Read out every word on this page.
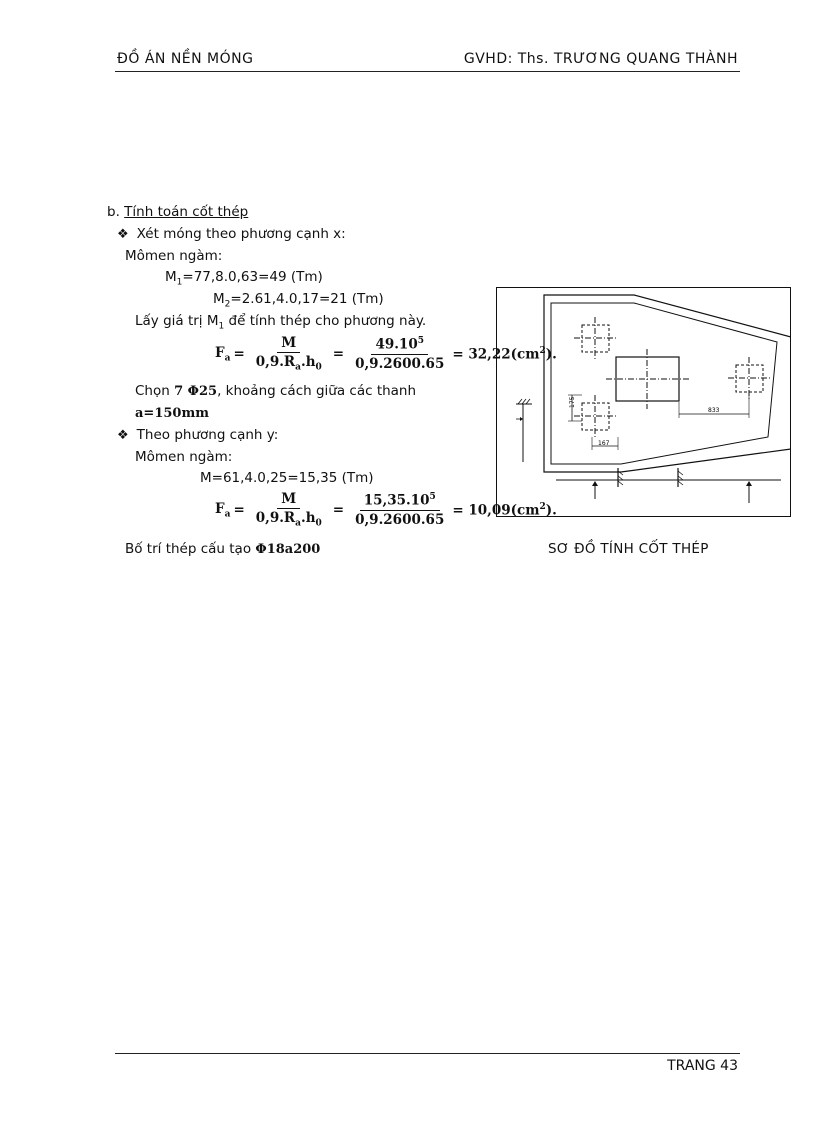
ĐỒ ÁN NỀN MÓNG	GVHD: Ths. TRƯƠNG QUANG THÀNH
b. Tính toán cốt thép
❖ Xét móng theo phương cạnh x:
Mômen ngàm:
$M_1=77,8.0,63=49$ (Tm)
$M_2=2.61,4.0,17=21$ (Tm)
Lấy giá trị $M_1$ để tính thép cho phương này.
$F_a = \frac{M}{0,9.R_a.h_0} = \frac{49.10^5}{0,9.2600.65} = 32,22(cm^2)$.
Chọn 7 Φ25, khoảng cách giữa các thanh
a=150mm
❖ Theo phương cạnh y:
Mômen ngàm:
M=61,4.0,25=15,35 (Tm)
$F_a = \frac{M}{0,9.R_a.h_0} = \frac{15,35.10^5}{0,9.2600.65} = 10,09(cm^2)$.
Bố trí thép cấu tạo Φ18a200
833
175
167
SƠ ĐỒ TÍNH CỐT THÉP
TRANG 43
